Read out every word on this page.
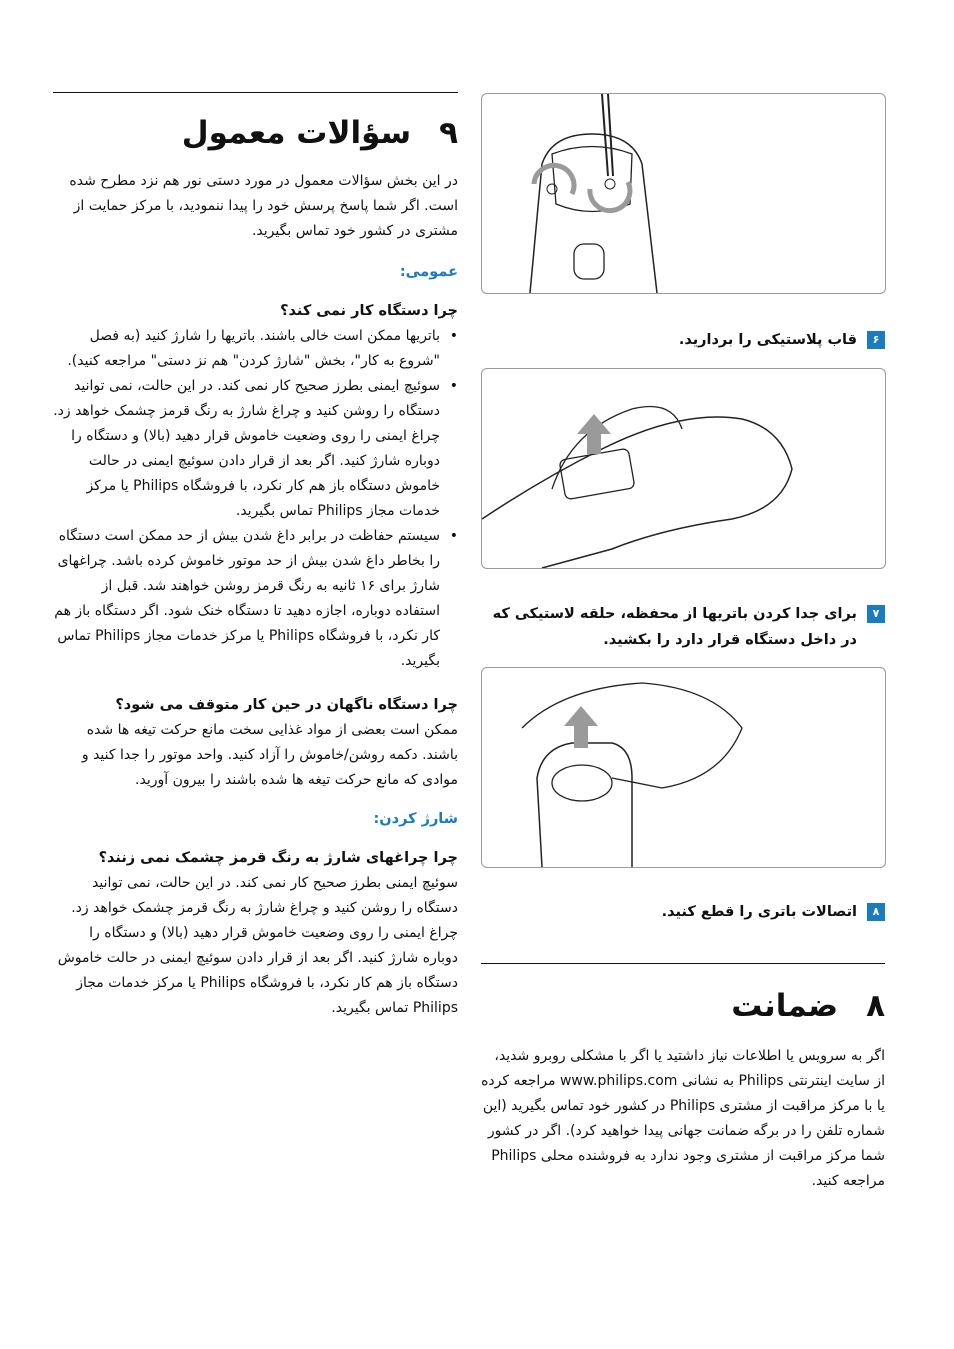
سؤالات معمول ۹

در این بخش سؤالات معمول در مورد دستی نور هم نزد مطرح شده است. اگر شما پاسخ پرسش خود را پیدا ننمودید، با مرکز حمایت از مشتری در کشور خود تماس بگیرید.

عمومی:

چرا دستگاه کار نمی کند؟

• باتریها ممکن است خالی باشند. باتریها را شارژ کنید (به فصل "شروع به کار"، بخش "شارژ کردن" هم نز دستی" مراجعه کنید).
• سوئیچ ایمنی بطرز صحیح کار نمی کند. در این حالت، نمی توانید دستگاه را روشن کنید و چراغ شارژ به رنگ قرمز چشمک خواهد زد. چراغ ایمنی را روی وضعیت خاموش قرار دهید (بالا) و دستگاه را دوباره شارژ کنید. اگر بعد از قرار دادن سوئیچ ایمنی در حالت خاموش دستگاه باز هم کار نکرد، با فروشگاه Philips یا مرکز خدمات مجاز Philips تماس بگیرید.
• سیستم حفاظت در برابر داغ شدن بیش از حد ممکن است دستگاه را بخاطر داغ شدن بیش از حد موتور خاموش کرده باشد. چراغهای شارژ برای ۱۶ ثانیه به رنگ قرمز روشن خواهند شد. قبل از استفاده دوباره، اجازه دهید تا دستگاه خنک شود. اگر دستگاه باز هم کار نکرد، با فروشگاه Philips یا مرکز خدمات مجاز Philips تماس بگیرید.

چرا دستگاه ناگهان در حین کار متوقف می شود؟

ممکن است بعضی از مواد غذایی سخت مانع حرکت تیغه ها شده باشند. دکمه روشن/خاموش را آزاد کنید. واحد موتور را جدا کنید و موادی که مانع حرکت تیغه ها شده باشند را بیرون آورید.

شارژ کردن:

چرا چراغهای شارژ به رنگ قرمز چشمک نمی زنند؟

سوئیچ ایمنی بطرز صحیح کار نمی کند. در این حالت، نمی توانید دستگاه را روشن کنید و چراغ شارژ به رنگ قرمز چشمک خواهد زد. چراغ ایمنی را روی وضعیت خاموش قرار دهید (بالا) و دستگاه را دوباره شارژ کنید. اگر بعد از قرار دادن سوئیچ ایمنی در حالت خاموش دستگاه باز هم کار نکرد، با فروشگاه Philips یا مرکز خدمات مجاز Philips تماس بگیرید.

۶
قاب پلاستیکی را بردارید.
۷
برای جدا کردن باتریها از محفظه، حلقه لاستیکی که در داخل دستگاه قرار دارد را بکشید.
۸
اتصالات باتری را قطع کنید.
ضمانت ۸

اگر به سرویس یا اطلاعات نیاز داشتید یا اگر با مشکلی روبرو شدید، از سایت اینترنتی Philips به نشانی www.philips.com مراجعه کرده یا با مرکز مراقبت از مشتری Philips در کشور خود تماس بگیرید (این شماره تلفن را در برگه ضمانت جهانی پیدا خواهید کرد). اگر در کشور شما مرکز مراقبت از مشتری وجود ندارد به فروشنده محلی Philips مراجعه کنید.
